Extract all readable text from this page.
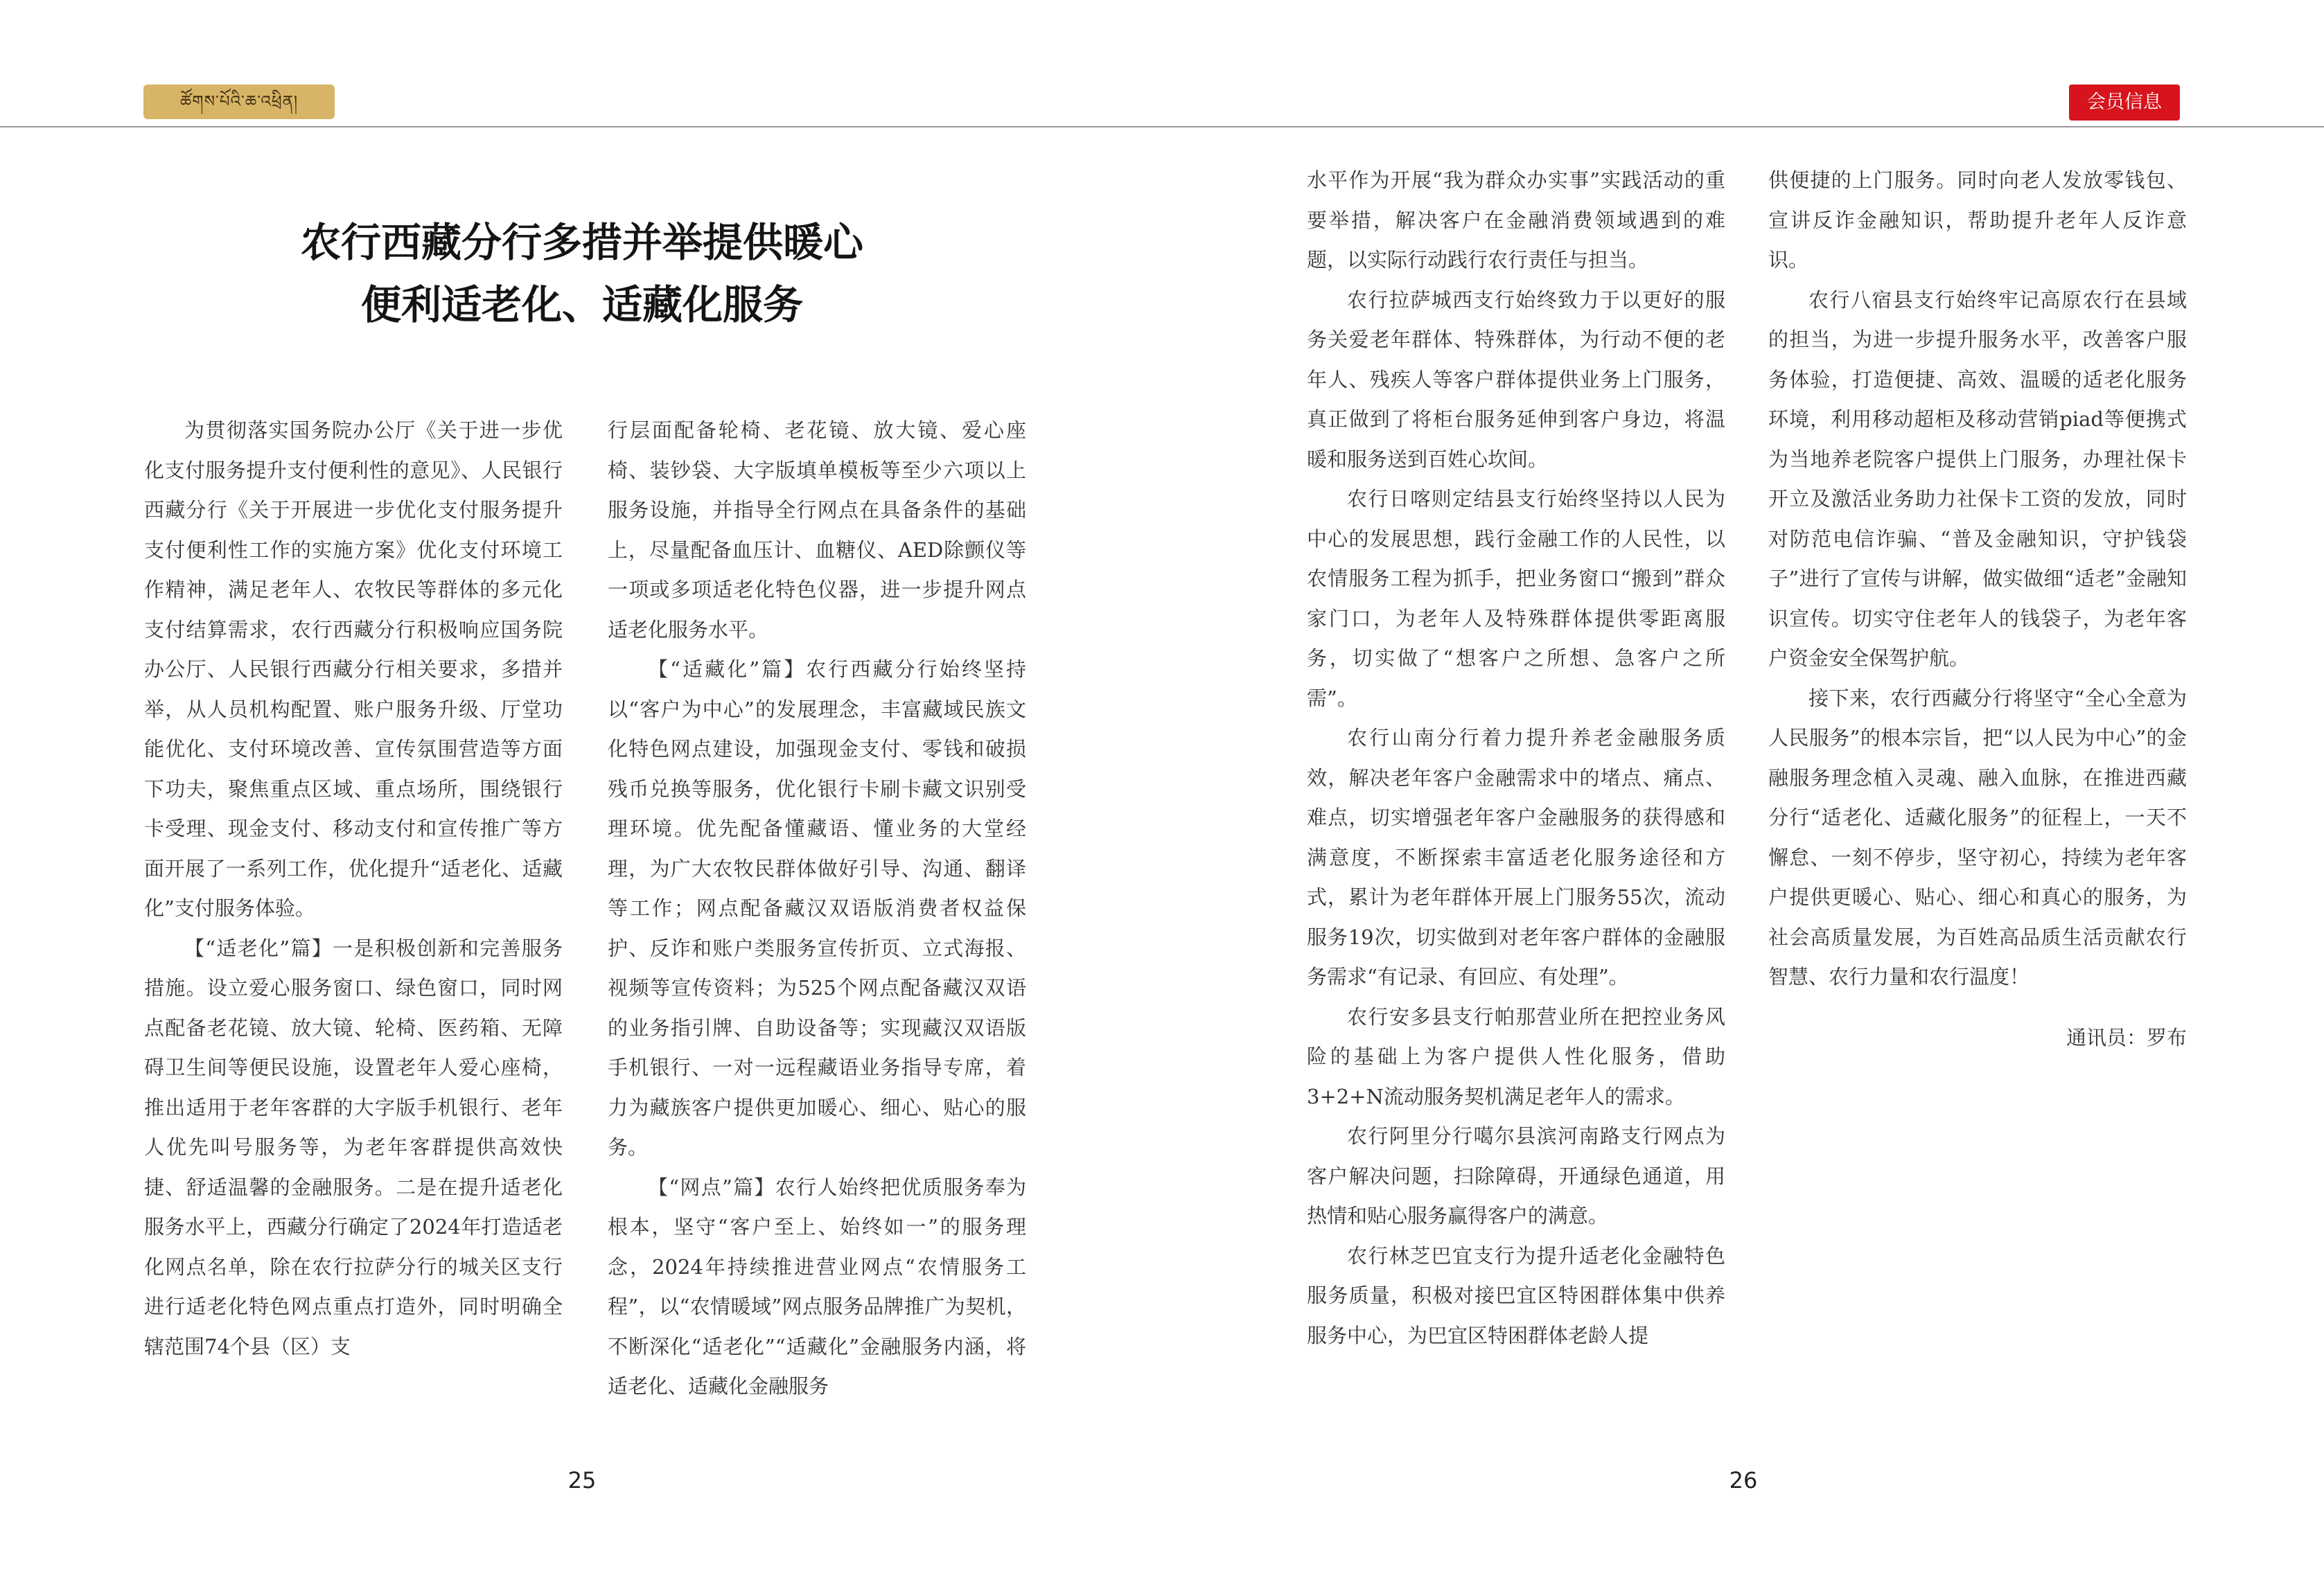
ཚོགས་པོའི་ཆ་འཕྲིན།	会员信息
农行西藏分行多措并举提供暖心
便利适老化、适藏化服务

为贯彻落实国务院办公厅《关于进一步优化支付服务提升支付便利性的意见》、人民银行西藏分行《关于开展进一步优化支付服务提升支付便利性工作的实施方案》优化支付环境工作精神，满足老年人、农牧民等群体的多元化支付结算需求，农行西藏分行积极响应国务院办公厅、人民银行西藏分行相关要求，多措并举，从人员机构配置、账户服务升级、厅堂功能优化、支付环境改善、宣传氛围营造等方面下功夫，聚焦重点区域、重点场所，围绕银行卡受理、现金支付、移动支付和宣传推广等方面开展了一系列工作，优化提升“适老化、适藏化”支付服务体验。

【“适老化”篇】一是积极创新和完善服务措施。设立爱心服务窗口、绿色窗口，同时网点配备老花镜、放大镜、轮椅、医药箱、无障碍卫生间等便民设施，设置老年人爱心座椅，推出适用于老年客群的大字版手机银行、老年人优先叫号服务等，为老年客群提供高效快捷、舒适温馨的金融服务。二是在提升适老化服务水平上，西藏分行确定了2024年打造适老化网点名单，除在农行拉萨分行的城关区支行进行适老化特色网点重点打造外，同时明确全辖范围74个县（区）支

行层面配备轮椅、老花镜、放大镜、爱心座椅、装钞袋、大字版填单模板等至少六项以上服务设施，并指导全行网点在具备条件的基础上，尽量配备血压计、血糖仪、AED除颤仪等一项或多项适老化特色仪器，进一步提升网点适老化服务水平。

【“适藏化”篇】农行西藏分行始终坚持以“客户为中心”的发展理念，丰富藏域民族文化特色网点建设，加强现金支付、零钱和破损残币兑换等服务，优化银行卡刷卡藏文识别受理环境。优先配备懂藏语、懂业务的大堂经理，为广大农牧民群体做好引导、沟通、翻译等工作；网点配备藏汉双语版消费者权益保护、反诈和账户类服务宣传折页、立式海报、视频等宣传资料；为525个网点配备藏汉双语的业务指引牌、自助设备等；实现藏汉双语版手机银行、一对一远程藏语业务指导专席，着力为藏族客户提供更加暖心、细心、贴心的服务。

【“网点”篇】农行人始终把优质服务奉为根本，坚守“客户至上、始终如一”的服务理念，2024年持续推进营业网点“农情服务工程”，以“农情暖域”网点服务品牌推广为契机，不断深化“适老化”“适藏化”金融服务内涵，将适老化、适藏化金融服务

水平作为开展“我为群众办实事”实践活动的重要举措，解决客户在金融消费领域遇到的难题，以实际行动践行农行责任与担当。

农行拉萨城西支行始终致力于以更好的服务关爱老年群体、特殊群体，为行动不便的老年人、残疾人等客户群体提供业务上门服务，真正做到了将柜台服务延伸到客户身边，将温暖和服务送到百姓心坎间。

农行日喀则定结县支行始终坚持以人民为中心的发展思想，践行金融工作的人民性，以农情服务工程为抓手，把业务窗口“搬到”群众家门口，为老年人及特殊群体提供零距离服务，切实做了“想客户之所想、急客户之所需”。

农行山南分行着力提升养老金融服务质效，解决老年客户金融需求中的堵点、痛点、难点，切实增强老年客户金融服务的获得感和满意度，不断探索丰富适老化服务途径和方式，累计为老年群体开展上门服务55次，流动服务19次，切实做到对老年客户群体的金融服务需求“有记录、有回应、有处理”。

农行安多县支行帕那营业所在把控业务风险的基础上为客户提供人性化服务，借助3+2+N流动服务契机满足老年人的需求。

农行阿里分行噶尔县滨河南路支行网点为客户解决问题，扫除障碍，开通绿色通道，用热情和贴心服务赢得客户的满意。

农行林芝巴宜支行为提升适老化金融特色服务质量，积极对接巴宜区特困群体集中供养服务中心，为巴宜区特困群体老龄人提

供便捷的上门服务。同时向老人发放零钱包、宣讲反诈金融知识，帮助提升老年人反诈意识。

农行八宿县支行始终牢记高原农行在县域的担当，为进一步提升服务水平，改善客户服务体验，打造便捷、高效、温暖的适老化服务环境，利用移动超柜及移动营销piad等便携式为当地养老院客户提供上门服务，办理社保卡开立及激活业务助力社保卡工资的发放，同时对防范电信诈骗、“普及金融知识，守护钱袋子”进行了宣传与讲解，做实做细“适老”金融知识宣传。切实守住老年人的钱袋子，为老年客户资金安全保驾护航。

接下来，农行西藏分行将坚守“全心全意为人民服务”的根本宗旨，把“以人民为中心”的金融服务理念植入灵魂、融入血脉，在推进西藏分行“适老化、适藏化服务”的征程上，一天不懈怠、一刻不停步，坚守初心，持续为老年客户提供更暖心、贴心、细心和真心的服务，为社会高质量发展，为百姓高品质生活贡献农行智慧、农行力量和农行温度！

通讯员：罗布

25	26
